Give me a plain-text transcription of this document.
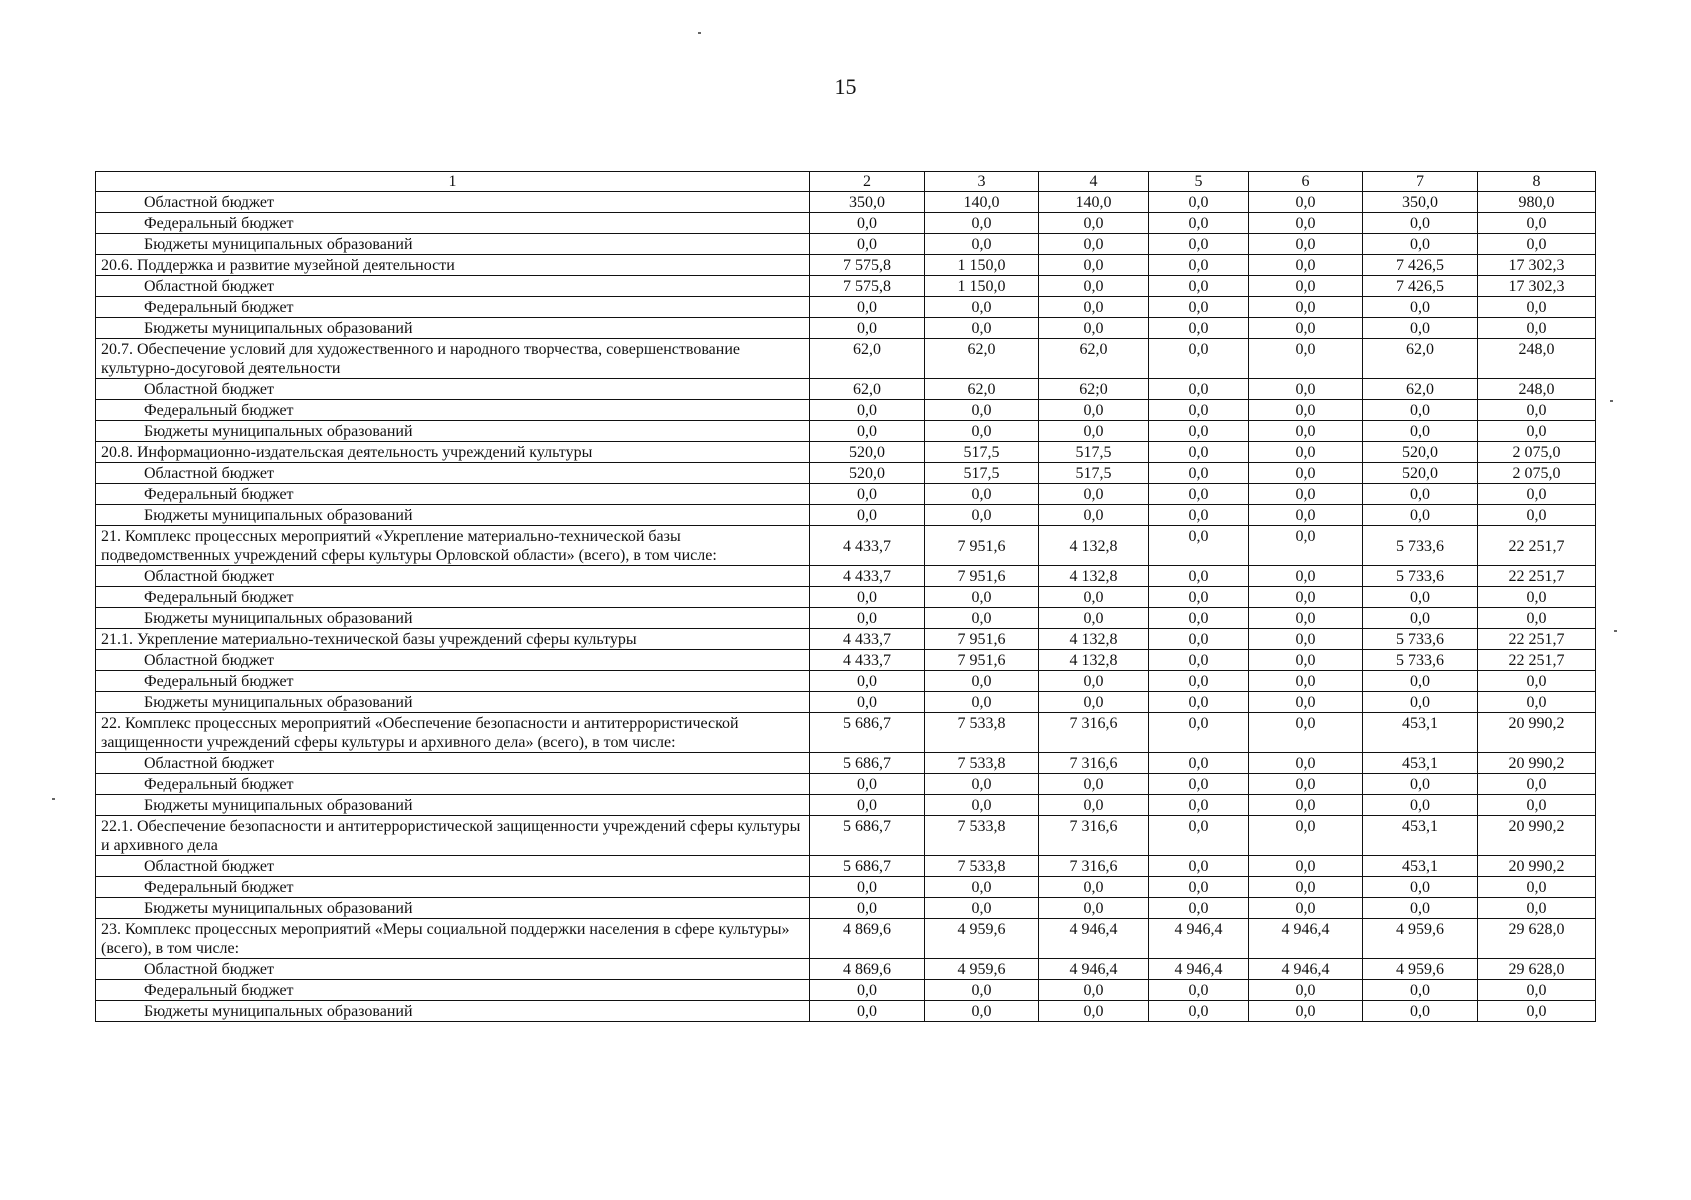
15
1	2	3	4	5	6	7	8
Областной бюджет	350,0	140,0	140,0	0,0	0,0	350,0	980,0
Федеральный бюджет	0,0	0,0	0,0	0,0	0,0	0,0	0,0
Бюджеты муниципальных образований	0,0	0,0	0,0	0,0	0,0	0,0	0,0
20.6. Поддержка и развитие музейной деятельности	7 575,8	1 150,0	0,0	0,0	0,0	7 426,5	17 302,3
Областной бюджет	7 575,8	1 150,0	0,0	0,0	0,0	7 426,5	17 302,3
Федеральный бюджет	0,0	0,0	0,0	0,0	0,0	0,0	0,0
Бюджеты муниципальных образований	0,0	0,0	0,0	0,0	0,0	0,0	0,0
20.7. Обеспечение условий для художественного и народного творчества, совершенствование культурно-досуговой деятельности	62,0	62,0	62,0	0,0	0,0	62,0	248,0
Областной бюджет	62,0	62,0	62;0	0,0	0,0	62,0	248,0
Федеральный бюджет	0,0	0,0	0,0	0,0	0,0	0,0	0,0
Бюджеты муниципальных образований	0,0	0,0	0,0	0,0	0,0	0,0	0,0
20.8. Информационно-издательская деятельность учреждений культуры	520,0	517,5	517,5	0,0	0,0	520,0	2 075,0
Областной бюджет	520,0	517,5	517,5	0,0	0,0	520,0	2 075,0
Федеральный бюджет	0,0	0,0	0,0	0,0	0,0	0,0	0,0
Бюджеты муниципальных образований	0,0	0,0	0,0	0,0	0,0	0,0	0,0
21. Комплекс процессных мероприятий «Укрепление материально-технической базы подведомственных учреждений сферы культуры Орловской области» (всего), в том числе:	4 433,7	7 951,6	4 132,8	0,0	0,0	5 733,6	22 251,7
Областной бюджет	4 433,7	7 951,6	4 132,8	0,0	0,0	5 733,6	22 251,7
Федеральный бюджет	0,0	0,0	0,0	0,0	0,0	0,0	0,0
Бюджеты муниципальных образований	0,0	0,0	0,0	0,0	0,0	0,0	0,0
21.1. Укрепление материально-технической базы учреждений сферы культуры	4 433,7	7 951,6	4 132,8	0,0	0,0	5 733,6	22 251,7
Областной бюджет	4 433,7	7 951,6	4 132,8	0,0	0,0	5 733,6	22 251,7
Федеральный бюджет	0,0	0,0	0,0	0,0	0,0	0,0	0,0
Бюджеты муниципальных образований	0,0	0,0	0,0	0,0	0,0	0,0	0,0
22. Комплекс процессных мероприятий «Обеспечение безопасности и антитеррористической защищенности учреждений сферы культуры и архивного дела» (всего), в том числе:	5 686,7	7 533,8	7 316,6	0,0	0,0	453,1	20 990,2
Областной бюджет	5 686,7	7 533,8	7 316,6	0,0	0,0	453,1	20 990,2
Федеральный бюджет	0,0	0,0	0,0	0,0	0,0	0,0	0,0
Бюджеты муниципальных образований	0,0	0,0	0,0	0,0	0,0	0,0	0,0
22.1. Обеспечение безопасности и антитеррористической защищенности учреждений сферы культуры и архивного дела	5 686,7	7 533,8	7 316,6	0,0	0,0	453,1	20 990,2
Областной бюджет	5 686,7	7 533,8	7 316,6	0,0	0,0	453,1	20 990,2
Федеральный бюджет	0,0	0,0	0,0	0,0	0,0	0,0	0,0
Бюджеты муниципальных образований	0,0	0,0	0,0	0,0	0,0	0,0	0,0
23. Комплекс процессных мероприятий «Меры социальной поддержки населения в сфере культуры» (всего), в том числе:	4 869,6	4 959,6	4 946,4	4 946,4	4 946,4	4 959,6	29 628,0
Областной бюджет	4 869,6	4 959,6	4 946,4	4 946,4	4 946,4	4 959,6	29 628,0
Федеральный бюджет	0,0	0,0	0,0	0,0	0,0	0,0	0,0
Бюджеты муниципальных образований	0,0	0,0	0,0	0,0	0,0	0,0	0,0
